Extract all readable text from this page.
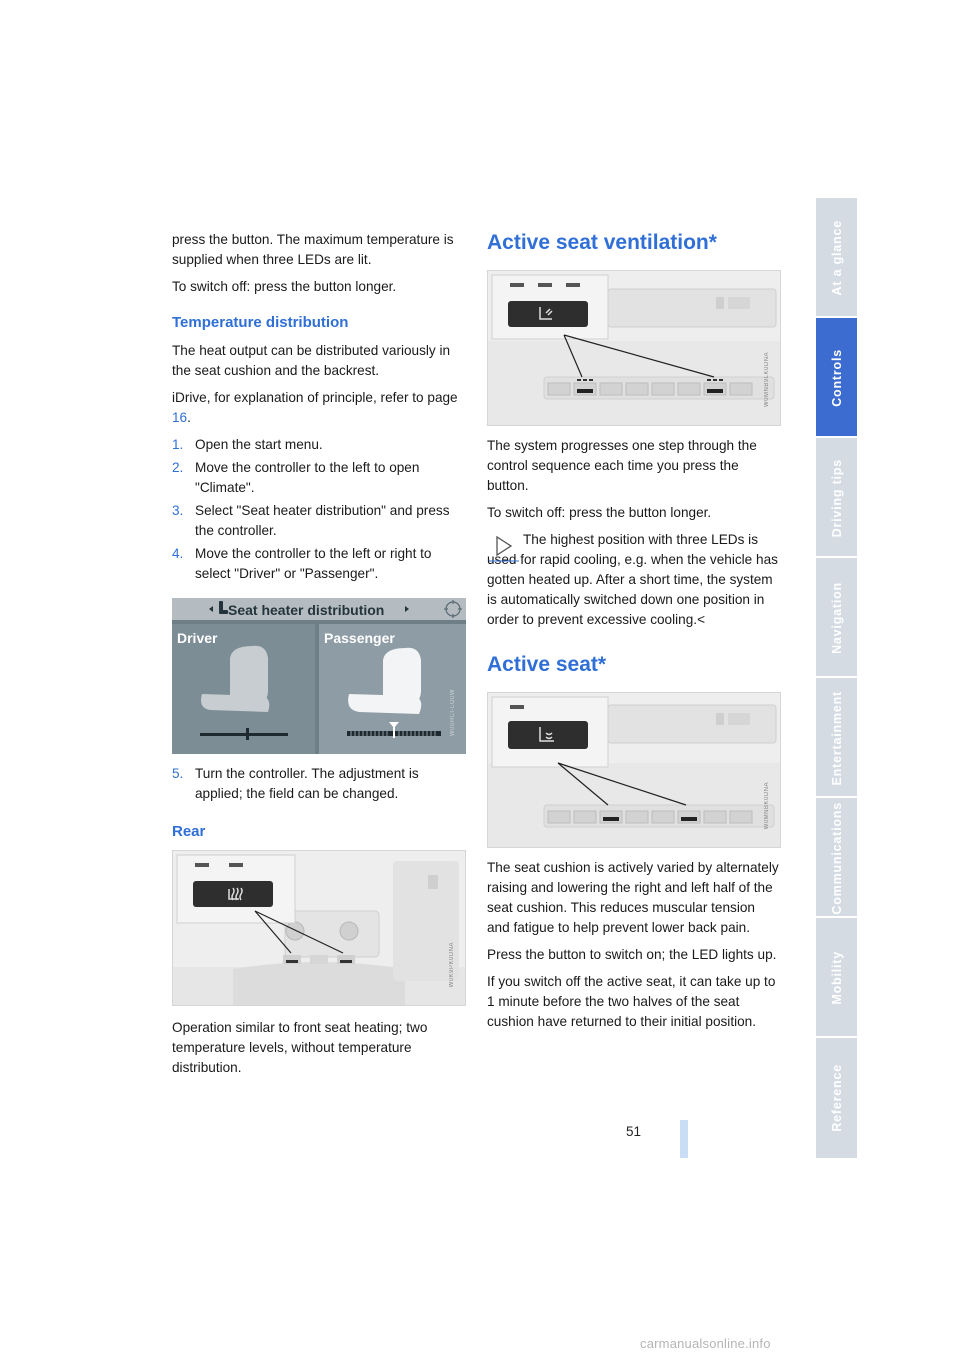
press the button. The maximum temperature is supplied when three LEDs are lit.

To switch off: press the button longer.

Temperature distribution

The heat output can be distributed variously in the seat cushion and the backrest.

iDrive, for explanation of principle, refer to page 16.

1. Open the start menu.
2. Move the controller to the left to open "Climate".
3. Select "Seat heater distribution" and press the controller.
4. Move the controller to the left or right to select "Driver" or "Passenger".
Seat heater distribution
Driver	Passenger
W00HCI-LO0W
5. Turn the controller. The adjustment is applied; the field can be changed.
Rear
W0K9PK0DNA

Operation similar to front seat heating; two temperature levels, without temperature distribution.

Active seat ventilation*
W0MNB9LK0DNA

The system progresses one step through the control sequence each time you press the button.

To switch off: press the button longer.

The highest position with three LEDs is used for rapid cooling, e.g. when the vehicle has gotten heated up. After a short time, the system is automatically switched down one position in order to prevent excessive cooling.<

Active seat*
W0MNBK0DNA

The seat cushion is actively varied by alternately raising and lowering the right and left half of the seat cushion. This reduces muscular tension and fatigue to help prevent lower back pain.

Press the button to switch on; the LED lights up.

If you switch off the active seat, it can take up to 1 minute before the two halves of the seat cushion have returned to their initial position.

At a glance
Controls
Driving tips
Navigation
Entertainment
Communications
Mobility
Reference
51
carmanualsonline.info
